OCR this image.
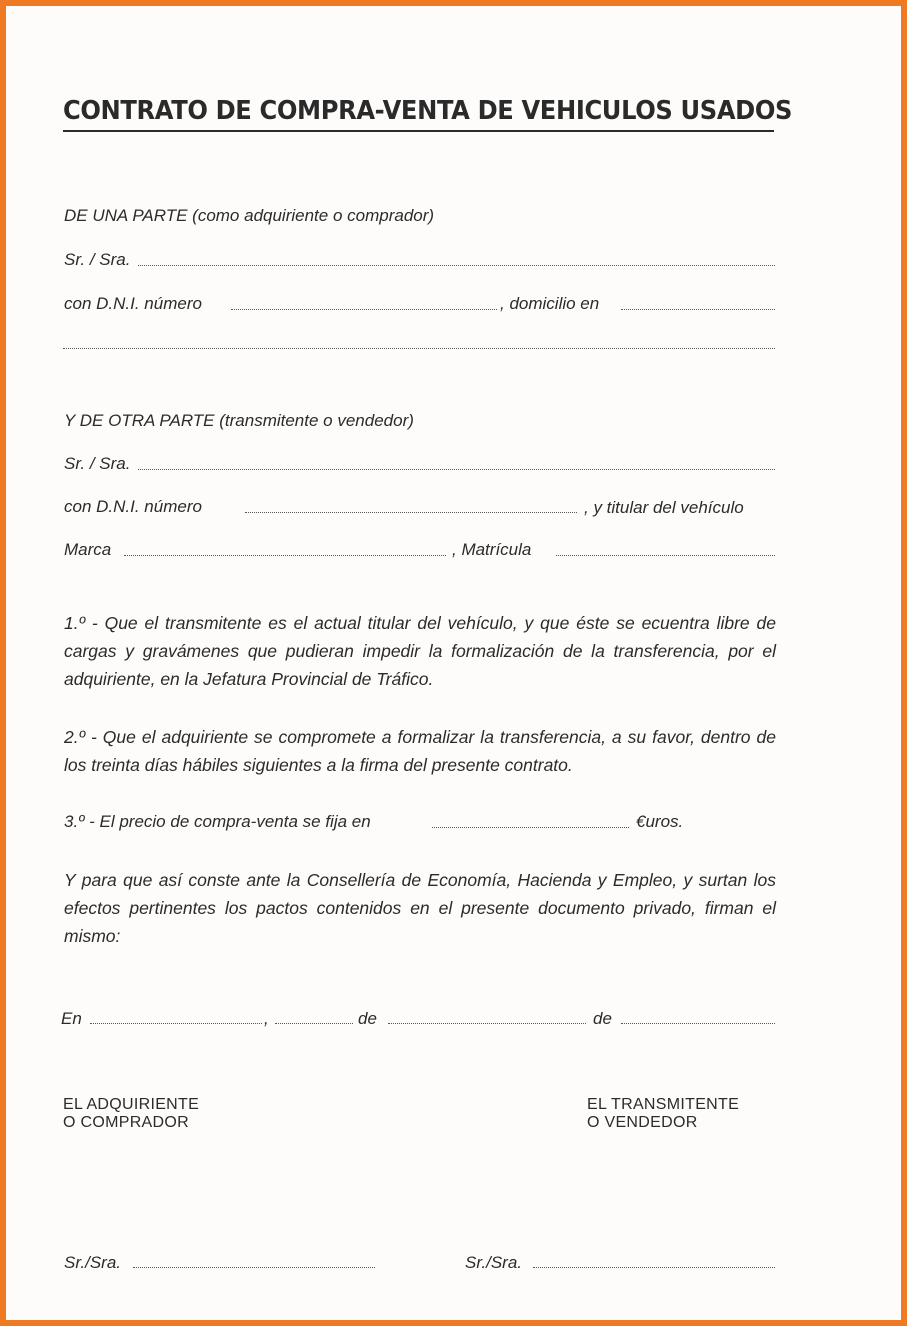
CONTRATO DE COMPRA-VENTA DE VEHICULOS USADOS

DE UNA PARTE (como adquiriente o comprador)

Sr. / Sra.

con D.N.I. número	, domicilio en

Y DE OTRA PARTE (transmitente o vendedor)

Sr. / Sra.

con D.N.I. número	, y titular del vehículo

Marca	, Matrícula

1.º - Que el transmitente es el actual titular del vehículo, y que éste se ecuentra libre de cargas y gravámenes que pudieran impedir la formalización de la transferencia, por el adquiriente, en la Jefatura Provincial de Tráfico.

2.º - Que el adquiriente se compromete a formalizar la transferencia, a su favor, dentro de los treinta días hábiles siguientes a la firma del presente contrato.

3.º - El precio de compra-venta se fija en	€uros.

Y para que así conste ante la Consellería de Economía, Hacienda y Empleo, y surtan los efectos pertinentes los pactos contenidos en el presente documento privado, firman el mismo:

En	,	de	de

EL ADQUIRIENTE

O COMPRADOR

EL TRANSMITENTE

O VENDEDOR

Sr./Sra.	Sr./Sra.
